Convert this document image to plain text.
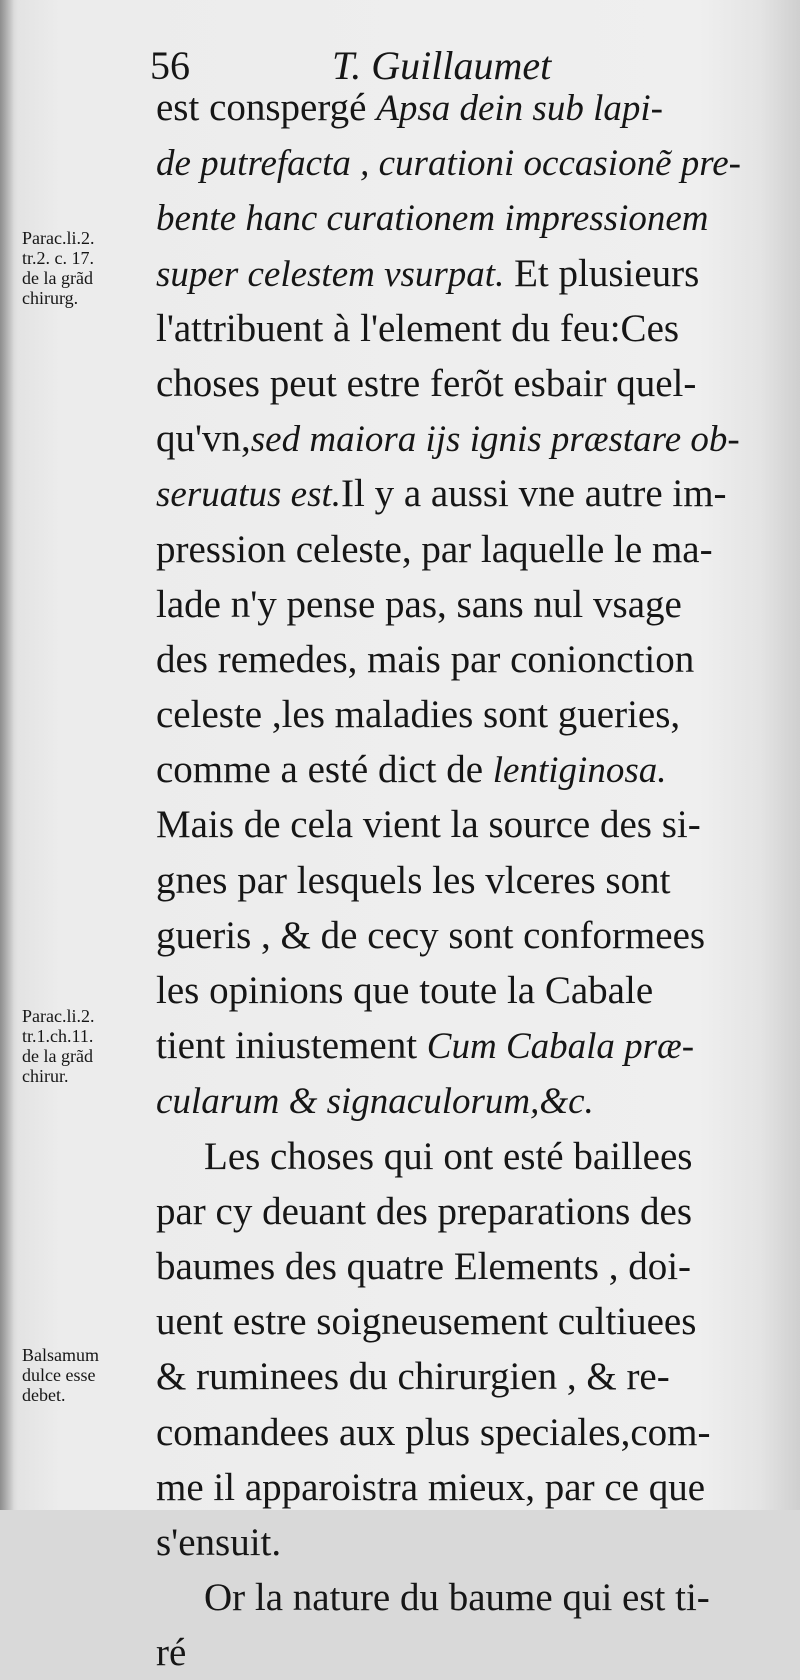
56	T. Guillaumet
est conspergé Apsa dein sub lapi-
de putrefacta , curationi occasionẽ pre-
bente hanc curationem impressionem
super celestem vsurpat. Et plusieurs
l'attribuent à l'element du feu:Ces
choses peut estre ferõt esbair quel-
qu'vn,sed maiora ijs ignis præstare ob-
seruatus est.Il y a aussi vne autre im-
pression celeste, par laquelle le ma-
lade n'y pense pas, sans nul vsage
des remedes, mais par conionction
celeste ,les maladies sont gueries,
comme a esté dict de lentiginosa.
Mais de cela vient la source des si-
gnes par lesquels les vlceres sont
gueris , & de cecy sont conformees
les opinions que toute la Cabale
tient iniustement Cum Cabala præ-
cularum & signaculorum,&c.
Les choses qui ont esté baillees
par cy deuant des preparations des
baumes des quatre Elements , doi-
uent estre soigneusement cultiuees
& ruminees du chirurgien , & re-
comandees aux plus speciales,com-
me il apparoistra mieux, par ce que
s'ensuit.
Or la nature du baume qui est ti-
ré
Parac.li.2.
tr.2. c. 17.
de la grãd
chirurg.
Parac.li.2.
tr.1.ch.11.
de la grãd
chirur.
Balsamum
dulce esse
debet.
